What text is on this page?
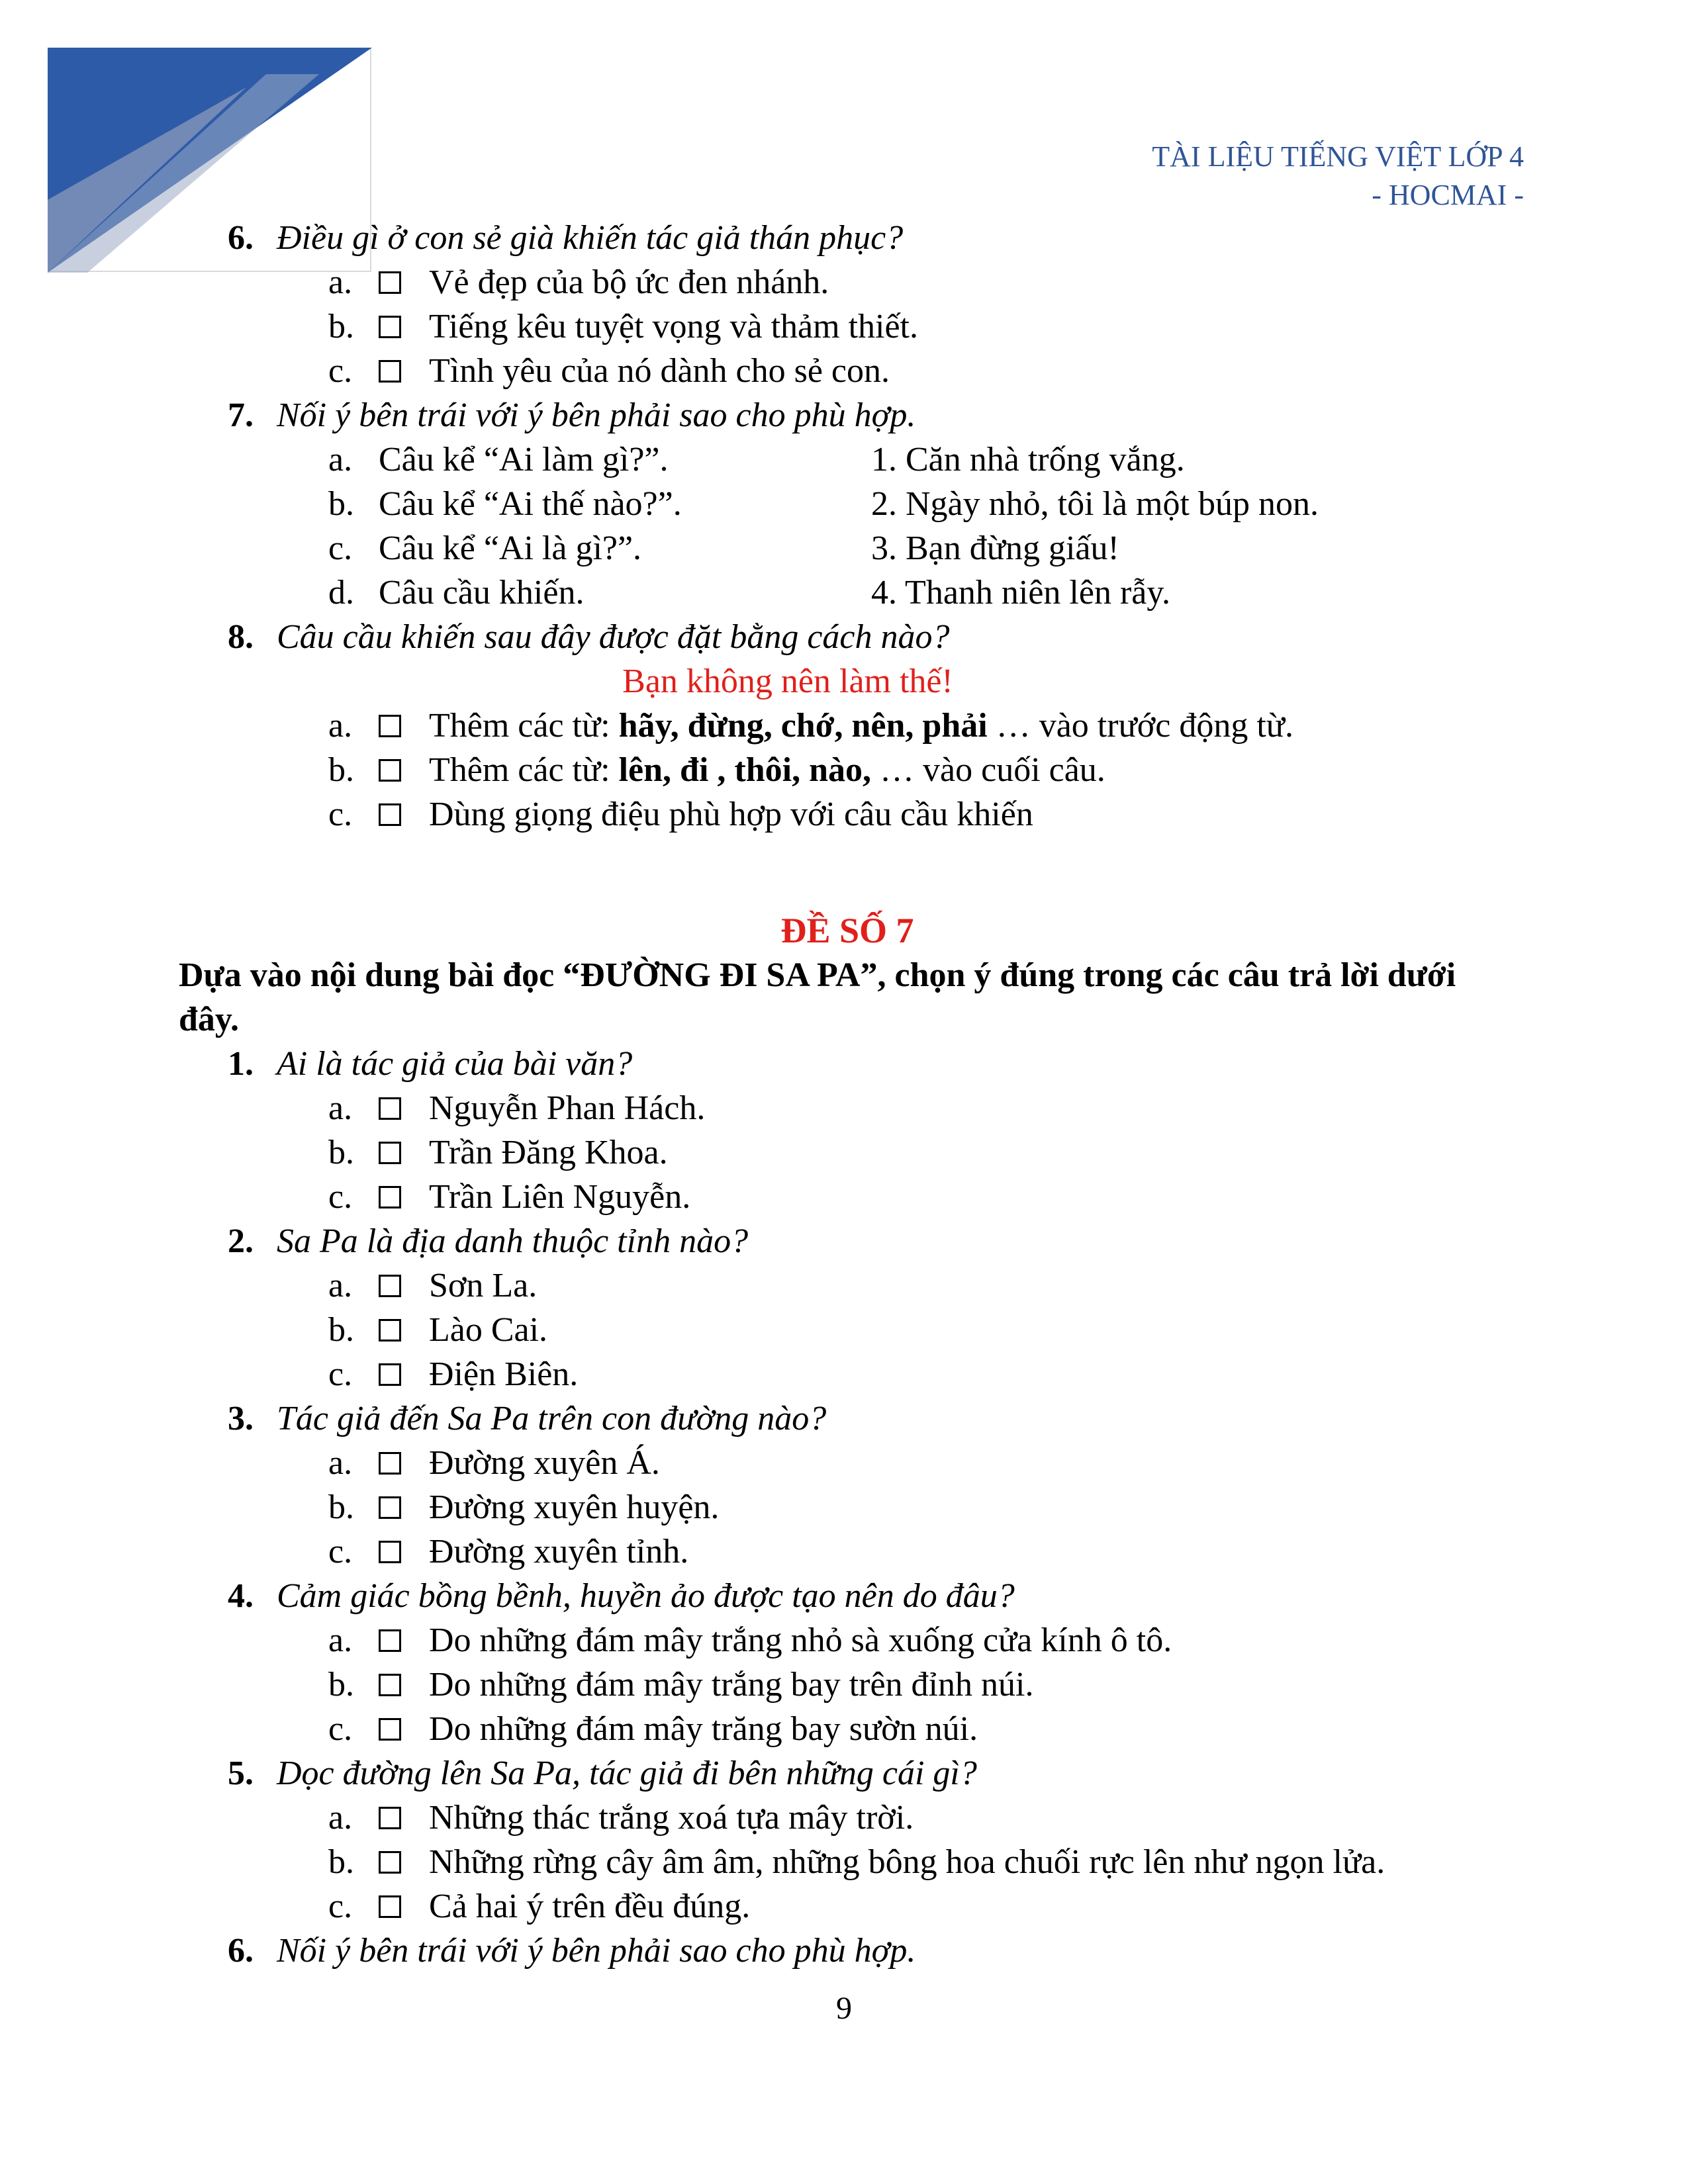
TÀI LIỆU TIẾNG VIỆT LỚP 4
- HOCMAI -
6. Điều gì ở con sẻ già khiến tác giả thán phục?
a. Vẻ đẹp của bộ ức đen nhánh.
b. Tiếng kêu tuyệt vọng và thảm thiết.
c. Tình yêu của nó dành cho sẻ con.
7. Nối ý bên trái với ý bên phải sao cho phù hợp.
a. Câu kể “Ai làm gì?”.	1. Căn nhà trống vắng.
b. Câu kể “Ai thế nào?”.	2. Ngày nhỏ, tôi là một búp non.
c. Câu kể “Ai là gì?”.	3. Bạn đừng giấu!
d. Câu cầu khiến.	4. Thanh niên lên rẫy.
8. Câu cầu khiến sau đây được đặt bằng cách nào?
Bạn không nên làm thế!
a. Thêm các từ: hãy, đừng, chớ, nên, phải … vào trước động từ.
b. Thêm các từ: lên, đi , thôi, nào, … vào cuối câu.
c. Dùng giọng điệu phù hợp với câu cầu khiến
ĐỀ SỐ 7
Dựa vào nội dung bài đọc “ĐƯỜNG ĐI SA PA”, chọn ý đúng trong các câu trả lời dưới đây.
1. Ai là tác giả của bài văn?
a. Nguyễn Phan Hách.
b. Trần Đăng Khoa.
c. Trần Liên Nguyễn.
2. Sa Pa là địa danh thuộc tỉnh nào?
a. Sơn La.
b. Lào Cai.
c. Điện Biên.
3. Tác giả đến Sa Pa trên con đường nào?
a. Đường xuyên Á.
b. Đường xuyên huyện.
c. Đường xuyên tỉnh.
4. Cảm giác bồng bềnh, huyền ảo được tạo nên do đâu?
a. Do những đám mây trắng nhỏ sà xuống cửa kính ô tô.
b. Do những đám mây trắng bay trên đỉnh núi.
c. Do những đám mây trăng bay sườn núi.
5. Dọc đường lên Sa Pa, tác giả đi bên những cái gì?
a. Những thác trắng xoá tựa mây trời.
b. Những rừng cây âm âm, những bông hoa chuối rực lên như ngọn lửa.
c. Cả hai ý trên đều đúng.
6. Nối ý bên trái với ý bên phải sao cho phù hợp.
9
